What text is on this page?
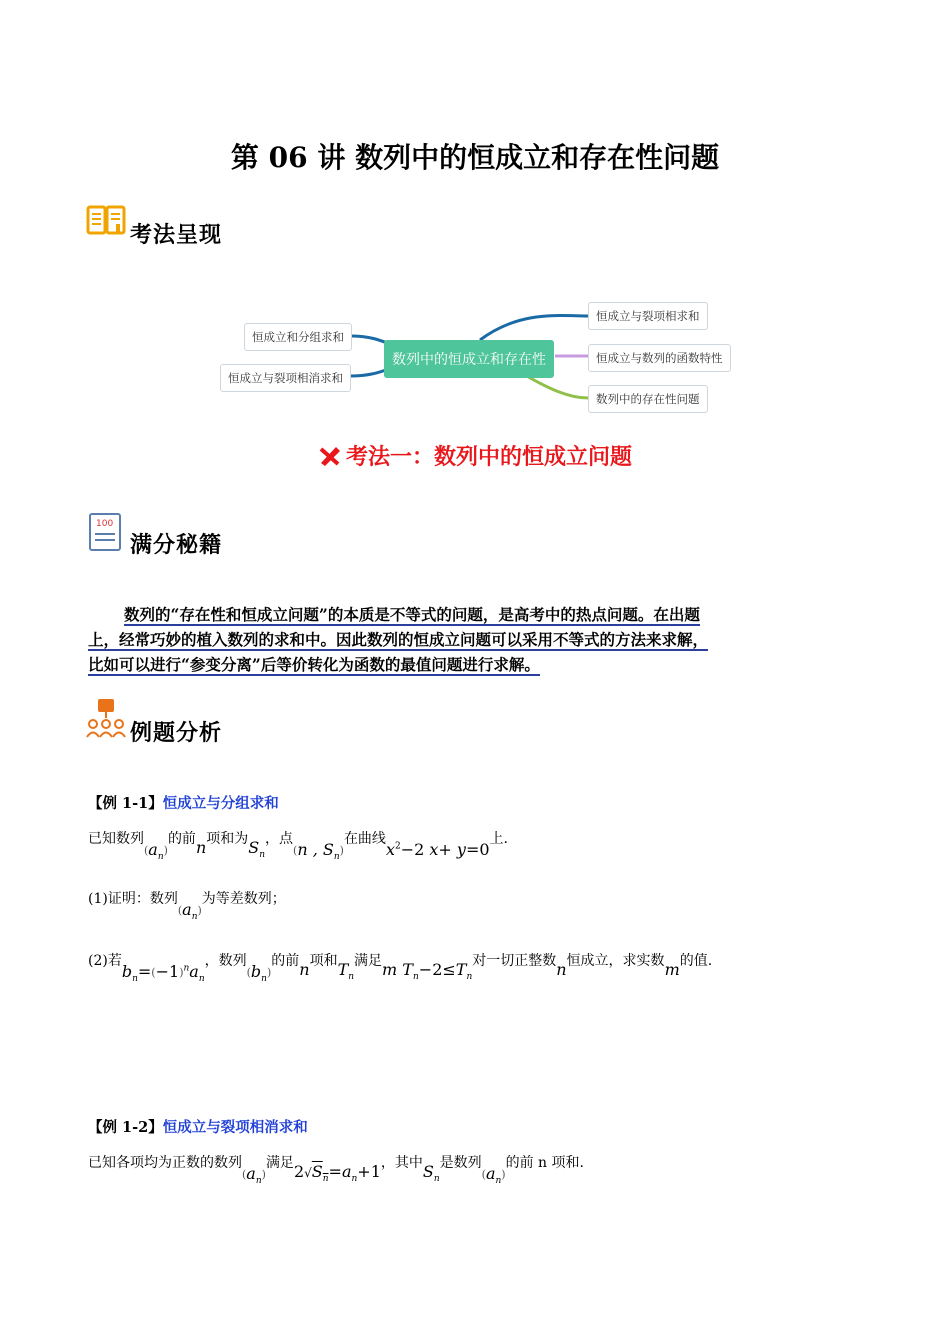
第 06 讲 数列中的恒成立和存在性问题
考法呈现
恒成立和分组求和
恒成立与裂项相消求和
数列中的恒成立和存在性
恒成立与裂项相求和
恒成立与数列的函数特性
数列中的存在性问题
考法一：数列中的恒成立问题
100
满分秘籍
数列的“存在性和恒成立问题”的本质是不等式的问题，是高考中的热点问题。在出题
上，经常巧妙的植入数列的求和中。因此数列的恒成立问题可以采用不等式的方法来求解，
比如可以进行“参变分离”后等价转化为函数的最值问题进行求解。
例题分析
【例 1-1】恒成立与分组求和
已知数列$(a_n)$的前n项和为$S_n$，点(n , $S_n$)在曲线$x^2-2$ x+ y=0上.
(1)证明：数列$(a_n)$为等差数列；
(2)若$b_n=(-1)^na_n$，数列$(b_n)$的前n项和$T_n$满足m $T_n-2\le T_n$对一切正整数n恒成立，求实数m的值.
【例 1-2】恒成立与裂项相消求和
已知各项均为正数的数列$(a_n)$满足$2√S_n=a_n+1$，其中$S_n$是数列$(a_n)$的前 n 项和.
